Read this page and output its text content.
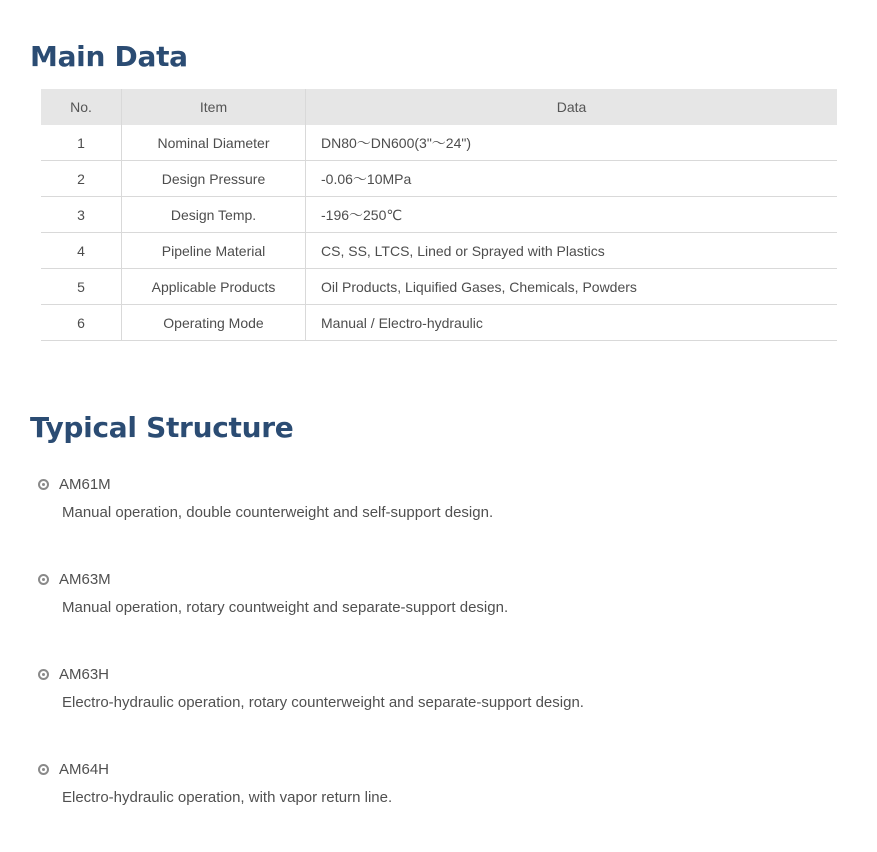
Main Data
No.	Item	Data
1	Nominal Diameter	DN80～DN600(3"～24")
2	Design Pressure	-0.06～10MPa
3	Design Temp.	-196～250℃
4	Pipeline Material	CS, SS, LTCS, Lined or Sprayed with Plastics
5	Applicable Products	Oil Products, Liquified Gases, Chemicals, Powders
6	Operating Mode	Manual / Electro-hydraulic
Typical Structure
AM61M

Manual operation, double counterweight and self-support design.

AM63M

Manual operation, rotary countweight and separate-support design.

AM63H

Electro-hydraulic operation, rotary counterweight and separate-support design.

AM64H

Electro-hydraulic operation, with vapor return line.
